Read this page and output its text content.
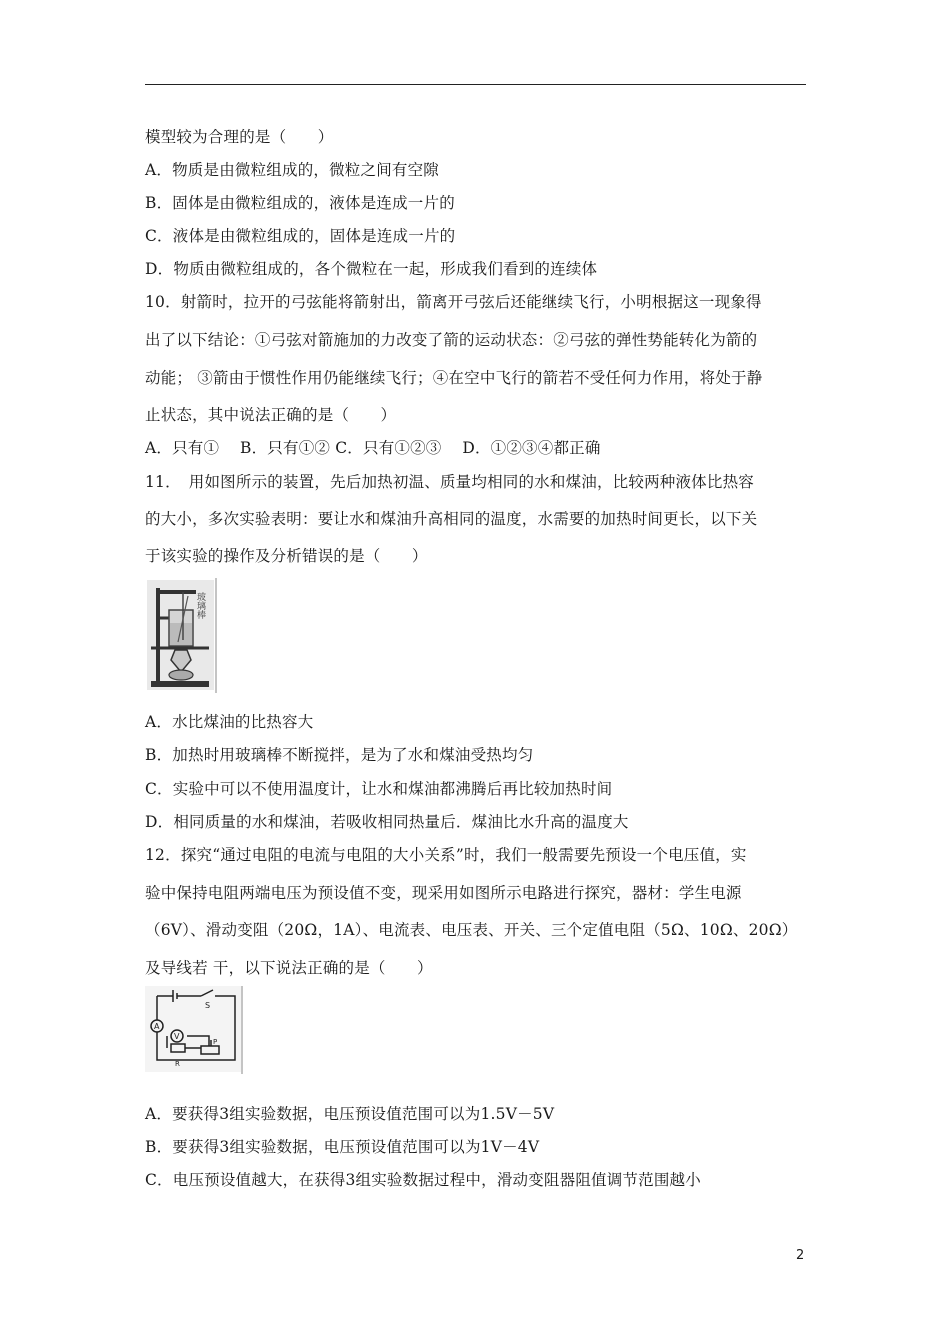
模型较为合理的是（　　）
A．物质是由微粒组成的，微粒之间有空隙
B．固体是由微粒组成的，液体是连成一片的
C．液体是由微粒组成的，固体是连成一片的
D．物质由微粒组成的，各个微粒在一起，形成我们看到的连续体
10．射箭时，拉开的弓弦能将箭射出，箭离开弓弦后还能继续飞行，小明根据这一现象得
出了以下结论：①弓弦对箭施加的力改变了箭的运动状态：②弓弦的弹性势能转化为箭的
动能； ③箭由于惯性作用仍能继续飞行；④在空中飞行的箭若不受任何力作用，将处于静
止状态，其中说法正确的是（　　）
A．只有①　 B．只有①② C．只有①②③　 D．①②③④都正确
11．　用如图所示的装置，先后加热初温、质量均相同的水和煤油，比较两种液体比热容
的大小，多次实验表明：要让水和煤油升高相同的温度，水需要的加热时间更长，以下关
于该实验的操作及分析错误的是（　　）
玻璃棒
A．水比煤油的比热容大
B．加热时用玻璃棒不断搅拌，是为了水和煤油受热均匀
C．实验中可以不使用温度计，让水和煤油都沸腾后再比较加热时间
D．相同质量的水和煤油，若吸收相同热量后．煤油比水升高的温度大
12．探究“通过电阻的电流与电阻的大小关系”时，我们一般需要先预设一个电压值，实
验中保持电阻两端电压为预设值不变，现采用如图所示电路进行探究，器材：学生电源
（6V）、滑动变阻（20Ω，1A）、电流表、电压表、开关、三个定值电阻（5Ω、10Ω、20Ω）
及导线若 干，以下说法正确的是（　　）
S
A
V
R
P
A．要获得3组实验数据，电压预设值范围可以为1.5V－5V
B．要获得3组实验数据，电压预设值范围可以为1V－4V
C．电压预设值越大，在获得3组实验数据过程中，滑动变阻器阻值调节范围越小
2
